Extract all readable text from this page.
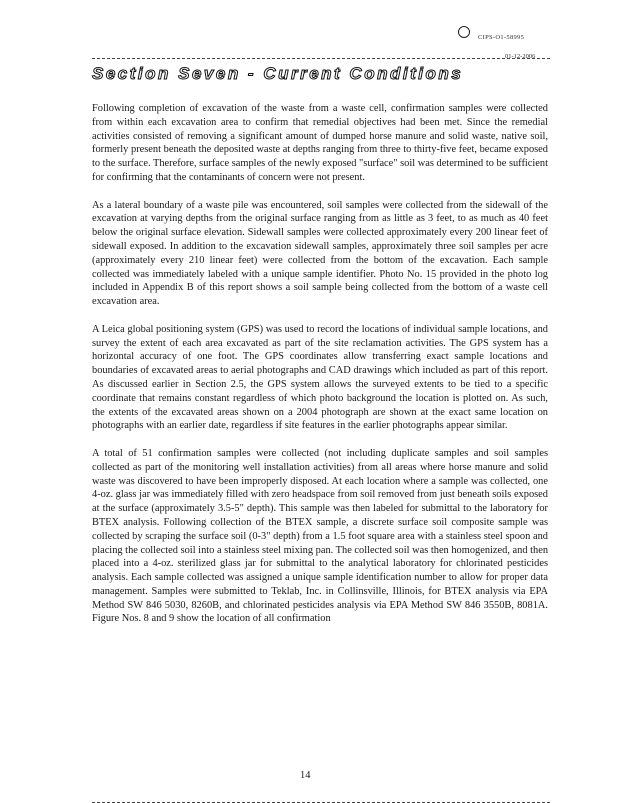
CIPS-O1-58995
01-12-2006
Section Seven - Current Conditions

Following completion of excavation of the waste from a waste cell, confirmation samples were collected from within each excavation area to confirm that remedial objectives had been met. Since the remedial activities consisted of removing a significant amount of dumped horse manure and solid waste, native soil, formerly present beneath the deposited waste at depths ranging from three to thirty-five feet, became exposed to the surface. Therefore, surface samples of the newly exposed "surface" soil was determined to be sufficient for confirming that the contaminants of concern were not present.

As a lateral boundary of a waste pile was encountered, soil samples were collected from the sidewall of the excavation at varying depths from the original surface ranging from as little as 3 feet, to as much as 40 feet below the original surface elevation. Sidewall samples were collected approximately every 200 linear feet of sidewall exposed. In addition to the excavation sidewall samples, approximately three soil samples per acre (approximately every 210 linear feet) were collected from the bottom of the excavation. Each sample collected was immediately labeled with a unique sample identifier. Photo No. 15 provided in the photo log included in Appendix B of this report shows a soil sample being collected from the bottom of a waste cell excavation area.

A Leica global positioning system (GPS) was used to record the locations of individual sample locations, and survey the extent of each area excavated as part of the site reclamation activities. The GPS system has a horizontal accuracy of one foot. The GPS coordinates allow transferring exact sample locations and boundaries of excavated areas to aerial photographs and CAD drawings which included as part of this report. As discussed earlier in Section 2.5, the GPS system allows the surveyed extents to be tied to a specific coordinate that remains constant regardless of which photo background the location is plotted on. As such, the extents of the excavated areas shown on a 2004 photograph are shown at the exact same location on photographs with an earlier date, regardless if site features in the earlier photographs appear similar.

A total of 51 confirmation samples were collected (not including duplicate samples and soil samples collected as part of the monitoring well installation activities) from all areas where horse manure and solid waste was discovered to have been improperly disposed. At each location where a sample was collected, one 4-oz. glass jar was immediately filled with zero headspace from soil removed from just beneath soils exposed at the surface (approximately 3.5-5" depth). This sample was then labeled for submittal to the laboratory for BTEX analysis. Following collection of the BTEX sample, a discrete surface soil composite sample was collected by scraping the surface soil (0-3" depth) from a 1.5 foot square area with a stainless steel spoon and placing the collected soil into a stainless steel mixing pan. The collected soil was then homogenized, and then placed into a 4-oz. sterilized glass jar for submittal to the analytical laboratory for chlorinated pesticides analysis. Each sample collected was assigned a unique sample identification number to allow for proper data management. Samples were submitted to Teklab, Inc. in Collinsville, Illinois, for BTEX analysis via EPA Method SW 846 5030, 8260B, and chlorinated pesticides analysis via EPA Method SW 846 3550B, 8081A. Figure Nos. 8 and 9 show the location of all confirmation

14
